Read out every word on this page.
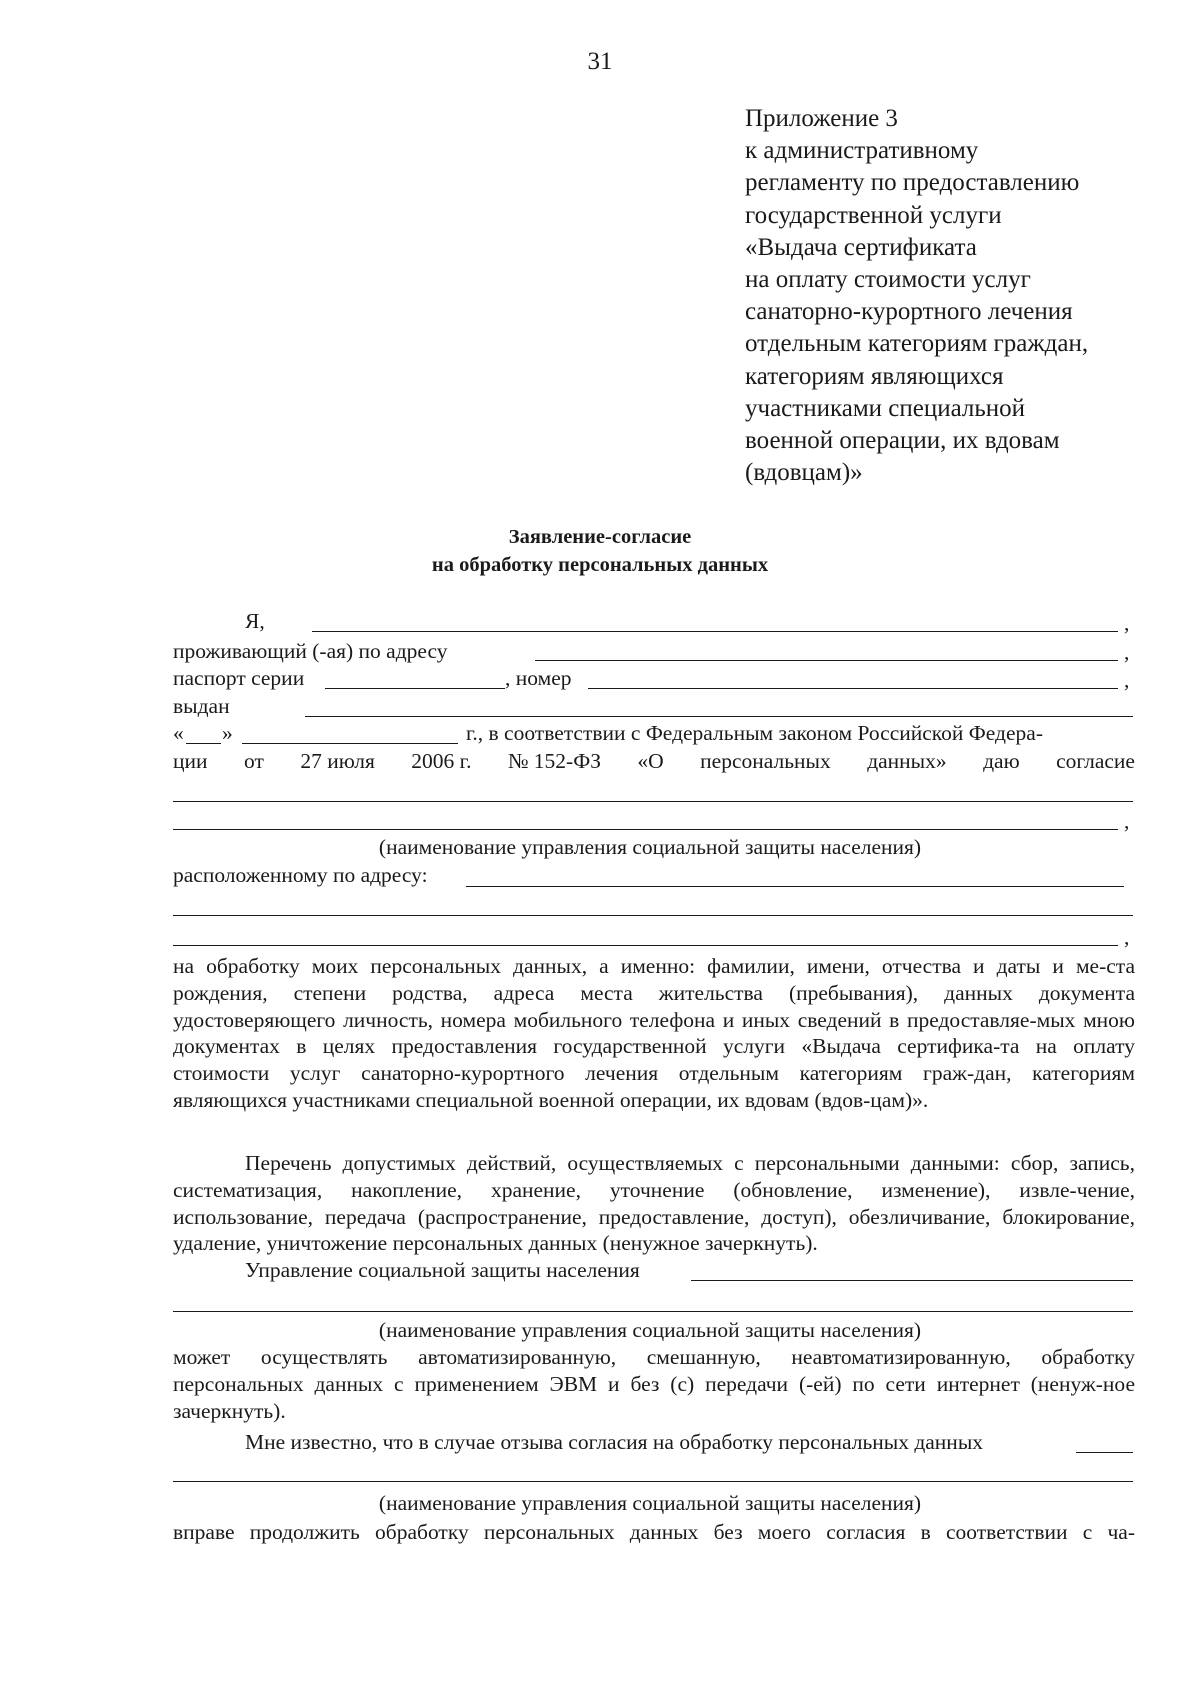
31
Приложение 3
к административному
регламенту по предоставлению
государственной услуги
«Выдача сертификата
на оплату стоимости услуг
санаторно-курортного лечения
отдельным категориям граждан,
категориям являющихся
участниками специальной
военной операции, их вдовам
(вдовцам)»
Заявление-согласие
на обработку персональных данных
Я,	,
проживающий (-ая) по адресу	,
паспорт серии	, номер	,
выдан
« »	г., в соответствии с Федеральным законом Российской Федера-
ции от 27 июля 2006 г. № 152-ФЗ «О персональных данных» даю согласие
,
(наименование управления социальной защиты населения)
расположенному по адресу:
,
на обработку моих персональных данных, а именно: фамилии, имени, отчества и даты и ме-ста рождения, степени родства, адреса места жительства (пребывания), данных документа удостоверяющего личность, номера мобильного телефона и иных сведений в предоставляе-мых мною документах в целях предоставления государственной услуги «Выдача сертифика-та на оплату стоимости услуг санаторно-курортного лечения отдельным категориям граж-дан, категориям являющихся участниками специальной военной операции, их вдовам (вдов-цам)».
Перечень допустимых действий, осуществляемых с персональными данными: сбор, запись, систематизация, накопление, хранение, уточнение (обновление, изменение), извле-чение, использование, передача (распространение, предоставление, доступ), обезличивание, блокирование, удаление, уничтожение персональных данных (ненужное зачеркнуть).
Управление социальной защиты населения
(наименование управления социальной защиты населения)
может осуществлять автоматизированную, смешанную, неавтоматизированную, обработку персональных данных с применением ЭВМ и без (с) передачи (-ей) по сети интернет (ненуж-ное зачеркнуть).
Мне известно, что в случае отзыва согласия на обработку персональных данных
(наименование управления социальной защиты населения)
вправе продолжить обработку персональных данных без моего согласия в соответствии с ча-
